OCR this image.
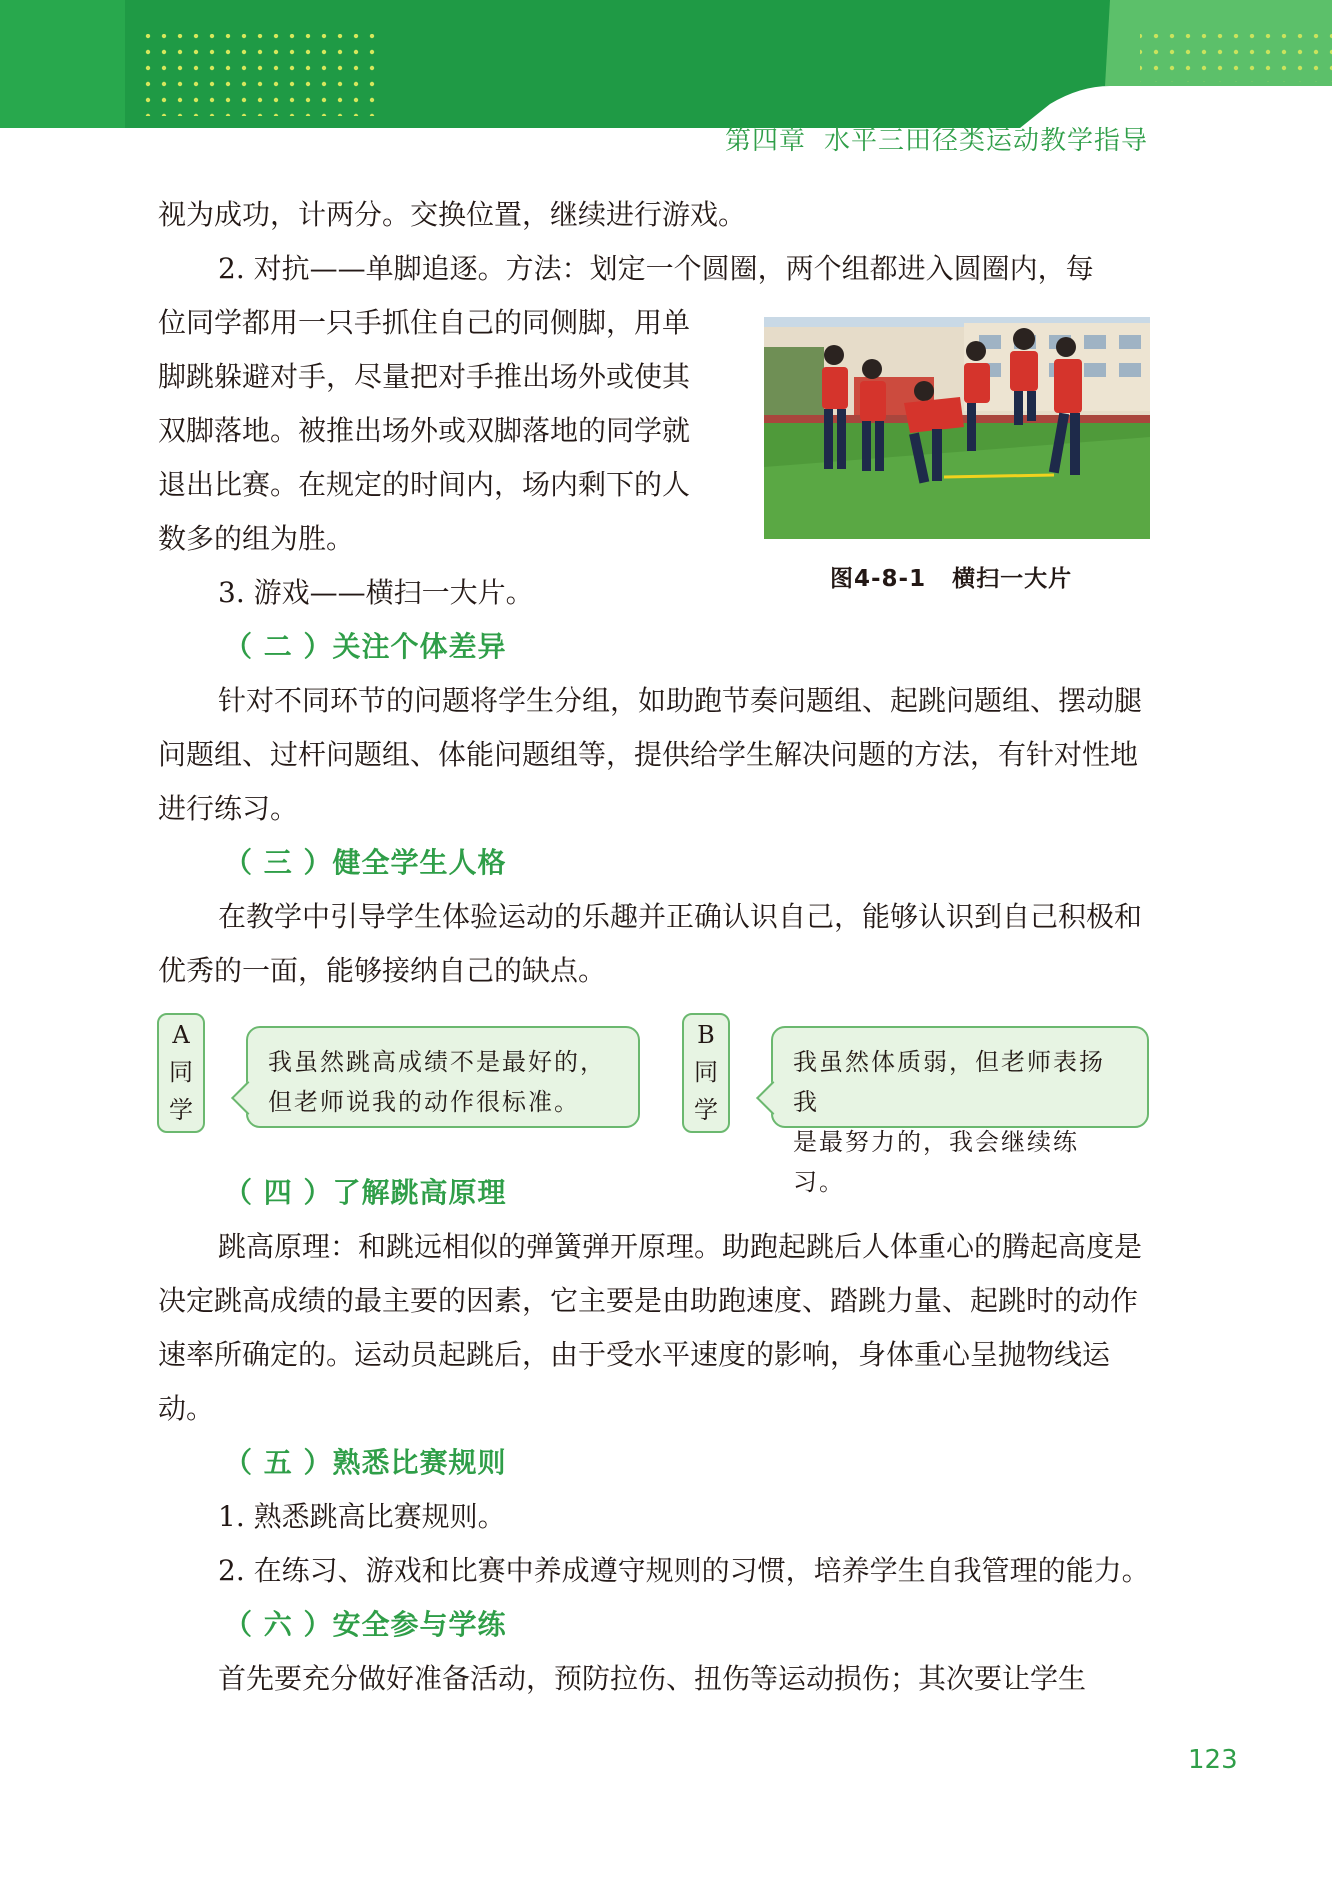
第四章 水平三田径类运动教学指导

视为成功，计两分。交换位置，继续进行游戏。

2. 对抗——单脚追逐。方法：划定一个圆圈，两个组都进入圆圈内，每

位同学都用一只手抓住自己的同侧脚，用单

脚跳躲避对手，尽量把对手推出场外或使其

双脚落地。被推出场外或双脚落地的同学就

退出比赛。在规定的时间内，场内剩下的人

数多的组为胜。

3. 游戏——横扫一大片。

（ 二 ）关注个体差异

针对不同环节的问题将学生分组，如助跑节奏问题组、起跳问题组、摆动腿问题组、过杆问题组、体能问题组等，提供给学生解决问题的方法，有针对性地进行练习。

（ 三 ）健全学生人格

在教学中引导学生体验运动的乐趣并正确认识自己，能够认识到自己积极和优秀的一面，能够接纳自己的缺点。

图4-8-1 横扫一大片
A
同
学
我虽然跳高成绩不是最好的，
但老师说我的动作很标准。
B
同
学
我虽然体质弱，但老师表扬我
是最努力的，我会继续练习。

（ 四 ）了解跳高原理

跳高原理：和跳远相似的弹簧弹开原理。助跑起跳后人体重心的腾起高度是决定跳高成绩的最主要的因素，它主要是由助跑速度、踏跳力量、起跳时的动作速率所确定的。运动员起跳后，由于受水平速度的影响，身体重心呈抛物线运动。

（ 五 ）熟悉比赛规则

1. 熟悉跳高比赛规则。

2. 在练习、游戏和比赛中养成遵守规则的习惯，培养学生自我管理的能力。

（ 六 ）安全参与学练

首先要充分做好准备活动，预防拉伤、扭伤等运动损伤；其次要让学生

123
